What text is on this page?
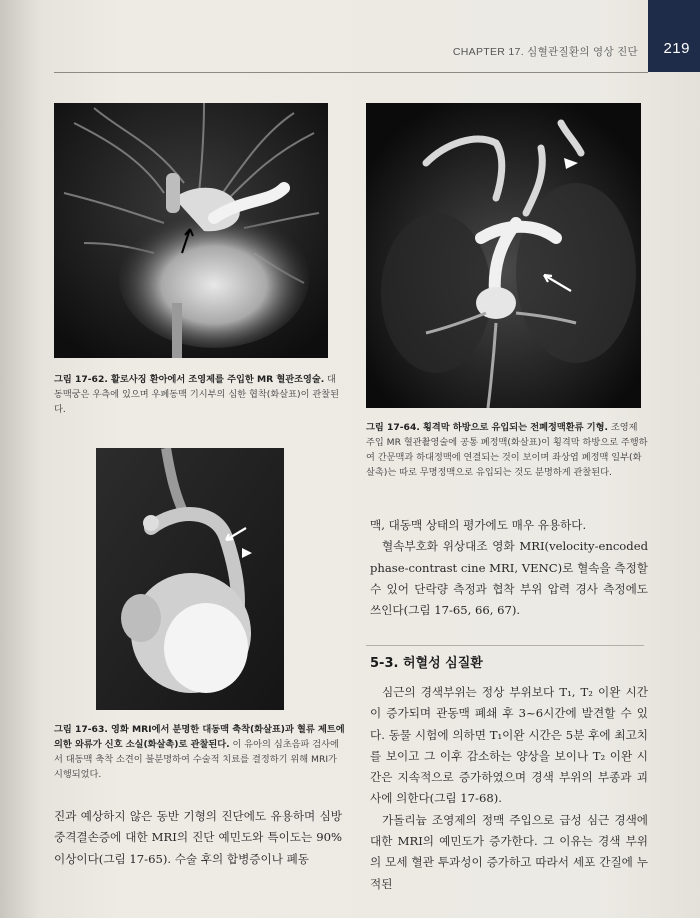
219
CHAPTER 17. 심혈관질환의 영상 진단
그림 17-62. 활로사징 환아에서 조영제를 주입한 MR 혈관조영술. 대동맥궁은 우측에 있으며 우폐동맥 기시부의 심한 협착(화살표)이 관찰된다.
그림 17-64. 횡격막 하방으로 유입되는 전폐정맥환류 기형. 조영제 주입 MR 혈관촬영술에 공통 폐정맥(화살표)이 횡격막 하방으로 주행하여 간문맥과 하대정맥에 연결되는 것이 보이며 좌상엽 폐정맥 일부(화살촉)는 따로 무명정맥으로 유입되는 것도 분명하게 관찰된다.
그림 17-63. 영화 MRI에서 분명한 대동맥 축착(화살표)과 혈류 제트에 의한 와류가 신호 소실(화살촉)로 관찰된다. 이 유아의 심초음파 검사에서 대동맥 축착 소견이 불분명하여 수술적 치료를 결정하기 위해 MRI가 시행되었다.

진과 예상하지 않은 동반 기형의 진단에도 유용하며 심방중격결손증에 대한 MRI의 진단 예민도와 특이도는 90% 이상이다(그림 17-65). 수술 후의 합병증이나 폐동

맥, 대동맥 상태의 평가에도 매우 유용하다.

혈속부호화 위상대조 영화 MRI(velocity-encoded phase-contrast cine MRI, VENC)로 혈속을 측정할 수 있어 단락량 측정과 협착 부위 압력 경사 측정에도 쓰인다(그림 17-65, 66, 67).

5-3. 허혈성 심질환

심근의 경색부위는 정상 부위보다 T₁, T₂ 이완 시간이 증가되며 관동맥 폐쇄 후 3~6시간에 발견할 수 있다. 동물 시험에 의하면 T₁이완 시간은 5분 후에 최고치를 보이고 그 이후 감소하는 양상을 보이나 T₂ 이완 시간은 지속적으로 증가하였으며 경색 부위의 부종과 괴사에 의한다(그림 17-68).

가돌리늄 조영제의 정맥 주입으로 급성 심근 경색에 대한 MRI의 예민도가 증가한다. 그 이유는 경색 부위의 모세 혈관 투과성이 증가하고 따라서 세포 간질에 누적된
